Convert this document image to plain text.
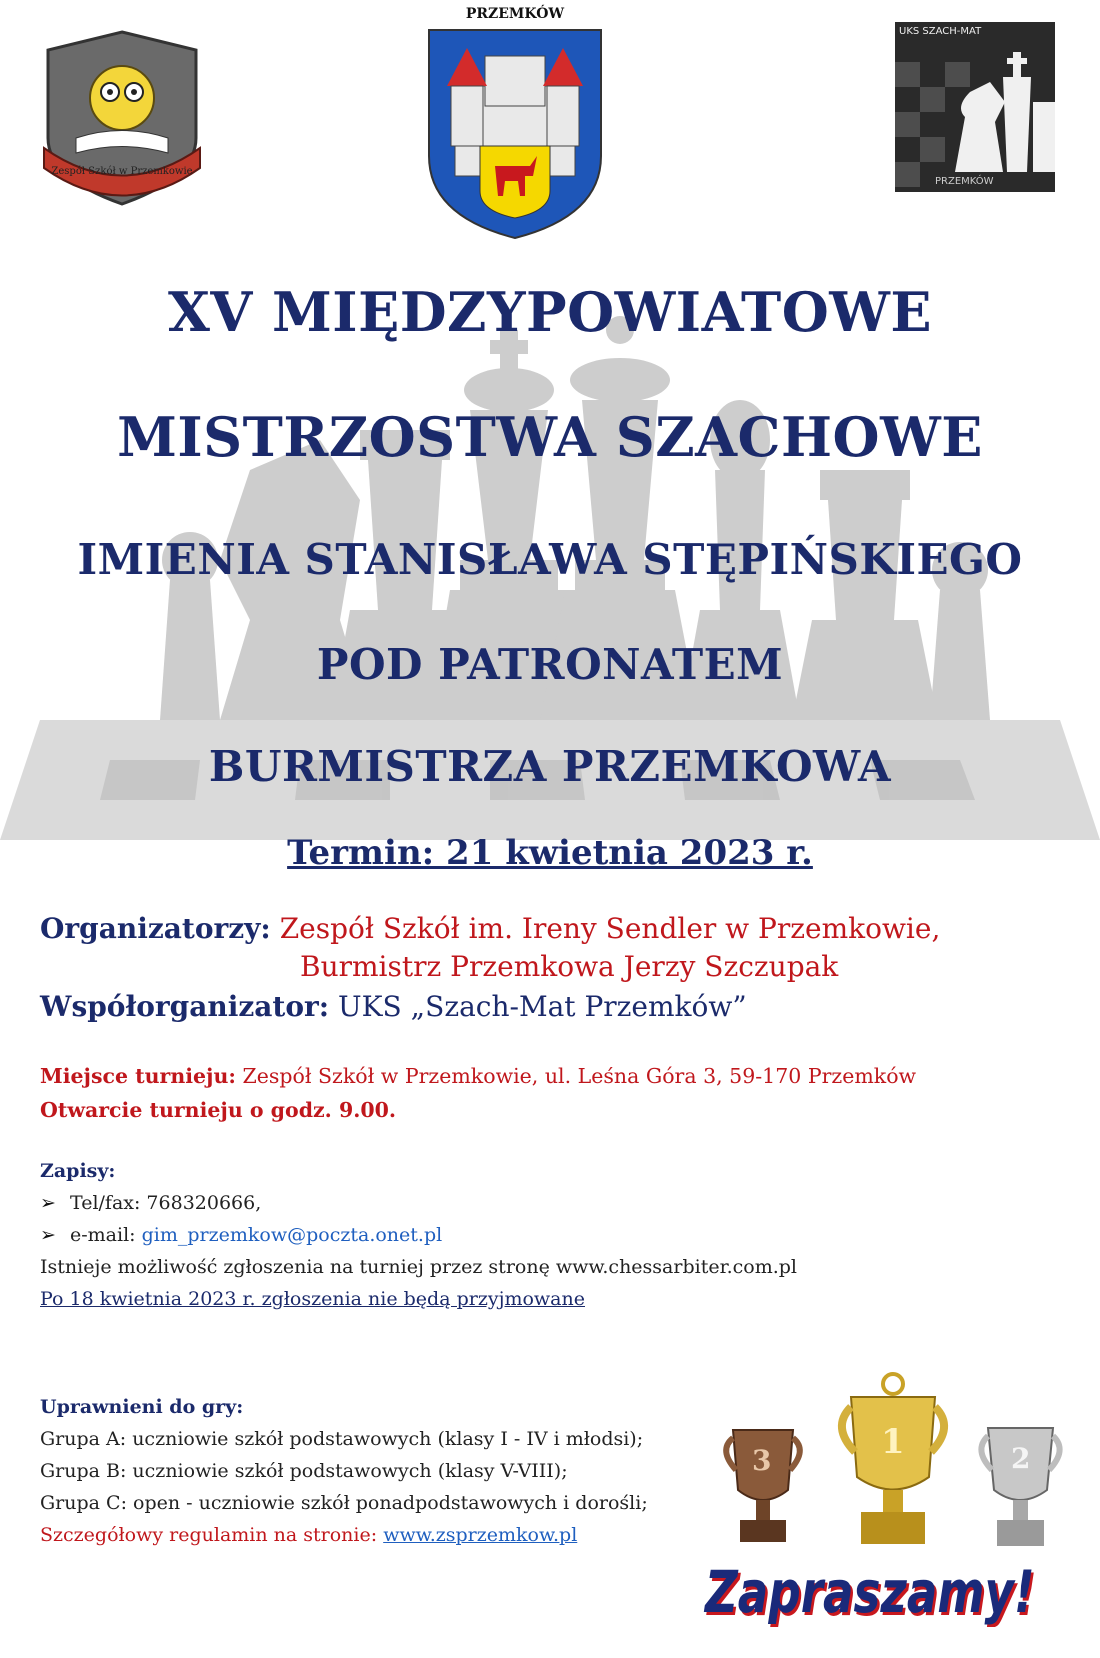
Zespół Szkół w Przemkowie
PRZEMKÓW
UKS SZACH-MAT
PRZEMKÓW
XV MIĘDZYPOWIATOWE
MISTRZOSTWA SZACHOWE
IMIENIA STANISŁAWA STĘPIŃSKIEGO
POD PATRONATEM
BURMISTRZA PRZEMKOWA
Termin: 21 kwietnia 2023 r.
Organizatorzy: Zespół Szkół im. Ireny Sendler w Przemkowie,
Burmistrz Przemkowa Jerzy Szczupak
Współorganizator: UKS „Szach-Mat Przemków”
Miejsce turnieju: Zespół Szkół w Przemkowie, ul. Leśna Góra 3, 59-170 Przemków
Otwarcie turnieju o godz. 9.00.
Zapisy:
➢ Tel/fax: 768320666,
➢ e-mail: gim_przemkow@poczta.onet.pl
Istnieje możliwość zgłoszenia na turniej przez stronę www.chessarbiter.com.pl
Po 18 kwietnia 2023 r. zgłoszenia nie będą przyjmowane
Uprawnieni do gry:
Grupa A: uczniowie szkół podstawowych (klasy I - IV i młodsi);
Grupa B: uczniowie szkół podstawowych (klasy V-VIII);
Grupa C: open - uczniowie szkół ponadpodstawowych i dorośli;
Szczegółowy regulamin na stronie: www.zsprzemkow.pl
3	1	2
Zapraszamy!
